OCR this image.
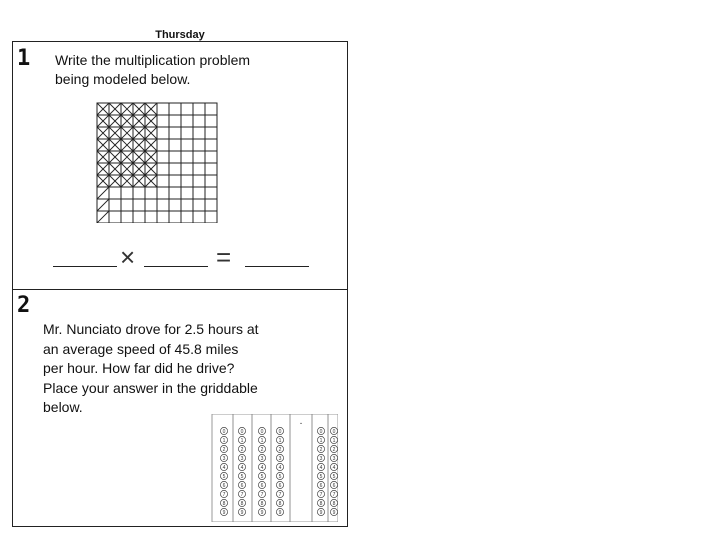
Thursday
1 Write the multiplication problem
being modeled below.
×	=
2
Mr. Nunciato drove for 2.5 hours at
an average speed of 45.8 miles
per hour. How far did he drive?
Place your answer in the griddable
below.
.
0
1
2
3
4
5
6
7
8
9
0
1
2
3
4
5
6
7
8
9
0
1
2
3
4
5
6
7
8
9
0
1
2
3
4
5
6
7
8
9
0
1
2
3
4
5
6
7
8
9
0
1
2
3
4
5
6
7
8
9
